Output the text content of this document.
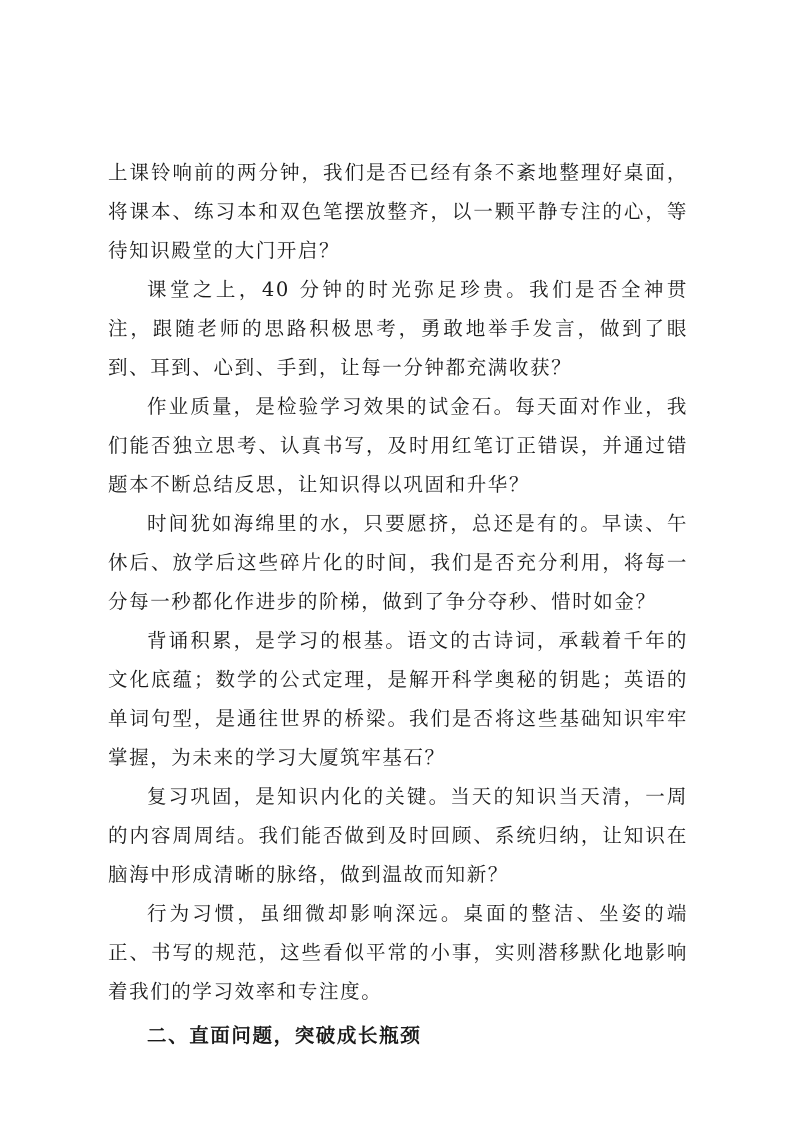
上课铃响前的两分钟，我们是否已经有条不紊地整理好桌面，将课本、练习本和双色笔摆放整齐，以一颗平静专注的心，等待知识殿堂的大门开启？

课堂之上，40 分钟的时光弥足珍贵。我们是否全神贯注，跟随老师的思路积极思考，勇敢地举手发言，做到了眼到、耳到、心到、手到，让每一分钟都充满收获？

作业质量，是检验学习效果的试金石。每天面对作业，我们能否独立思考、认真书写，及时用红笔订正错误，并通过错题本不断总结反思，让知识得以巩固和升华？

时间犹如海绵里的水，只要愿挤，总还是有的。早读、午休后、放学后这些碎片化的时间，我们是否充分利用，将每一分每一秒都化作进步的阶梯，做到了争分夺秒、惜时如金？

背诵积累，是学习的根基。语文的古诗词，承载着千年的文化底蕴；数学的公式定理，是解开科学奥秘的钥匙；英语的单词句型，是通往世界的桥梁。我们是否将这些基础知识牢牢掌握，为未来的学习大厦筑牢基石？

复习巩固，是知识内化的关键。当天的知识当天清，一周的内容周周结。我们能否做到及时回顾、系统归纳，让知识在脑海中形成清晰的脉络，做到温故而知新？

行为习惯，虽细微却影响深远。桌面的整洁、坐姿的端正、书写的规范，这些看似平常的小事，实则潜移默化地影响着我们的学习效率和专注度。

二、直面问题，突破成长瓶颈
